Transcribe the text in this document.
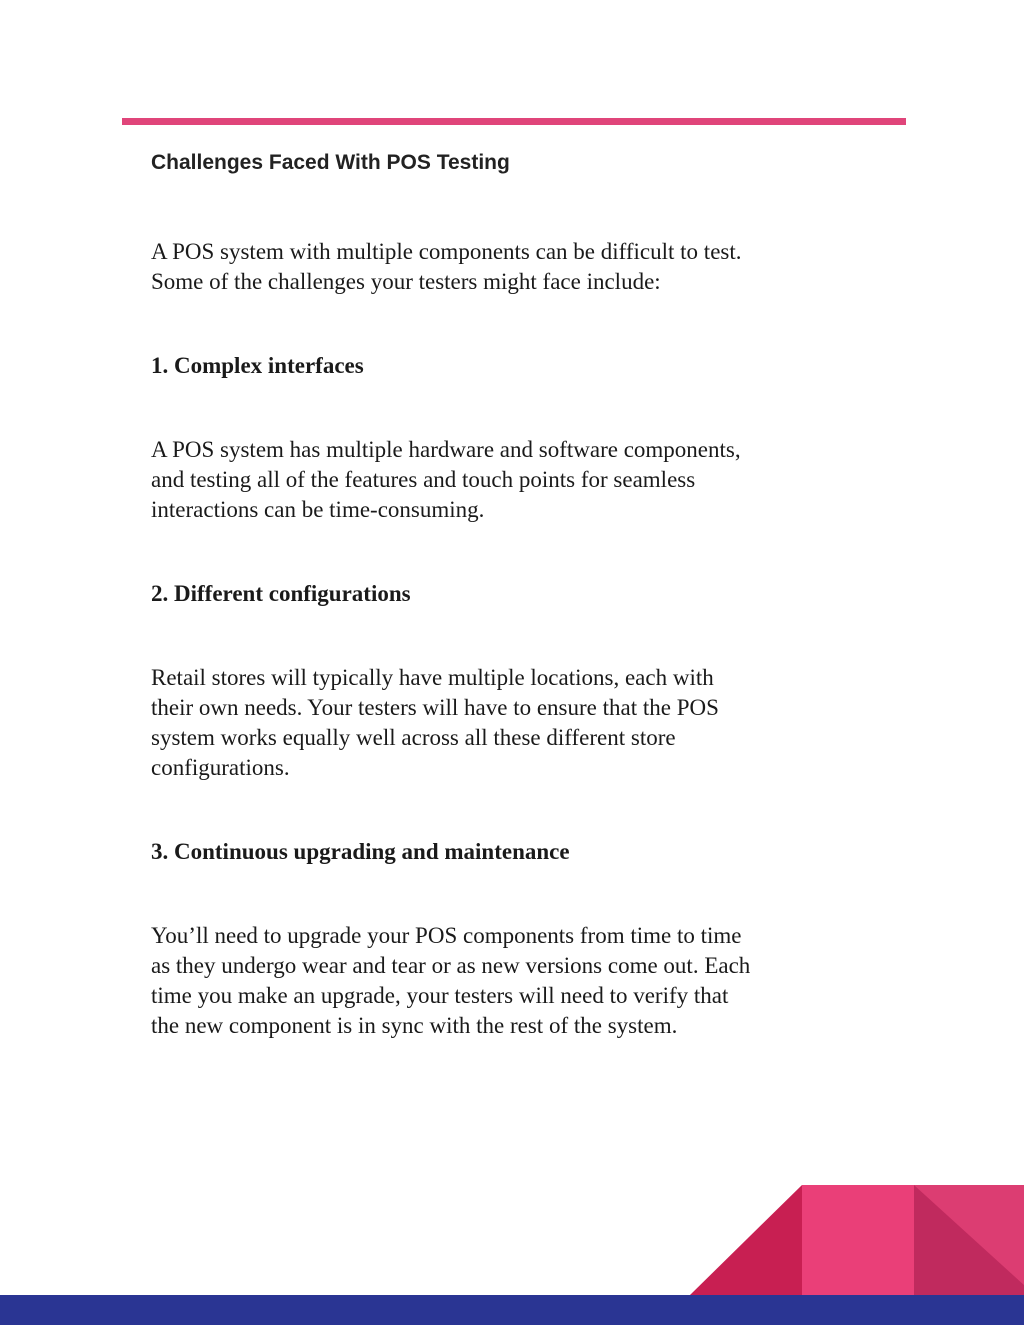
Challenges Faced With POS Testing

A POS system with multiple components can be difficult to test.
Some of the challenges your testers might face include:

1. Complex interfaces

A POS system has multiple hardware and software components,
and testing all of the features and touch points for seamless
interactions can be time-consuming.

2. Different configurations

Retail stores will typically have multiple locations, each with
their own needs. Your testers will have to ensure that the POS
system works equally well across all these different store
configurations.

3. Continuous upgrading and maintenance

You’ll need to upgrade your POS components from time to time
as they undergo wear and tear or as new versions come out. Each
time you make an upgrade, your testers will need to verify that
the new component is in sync with the rest of the system.
